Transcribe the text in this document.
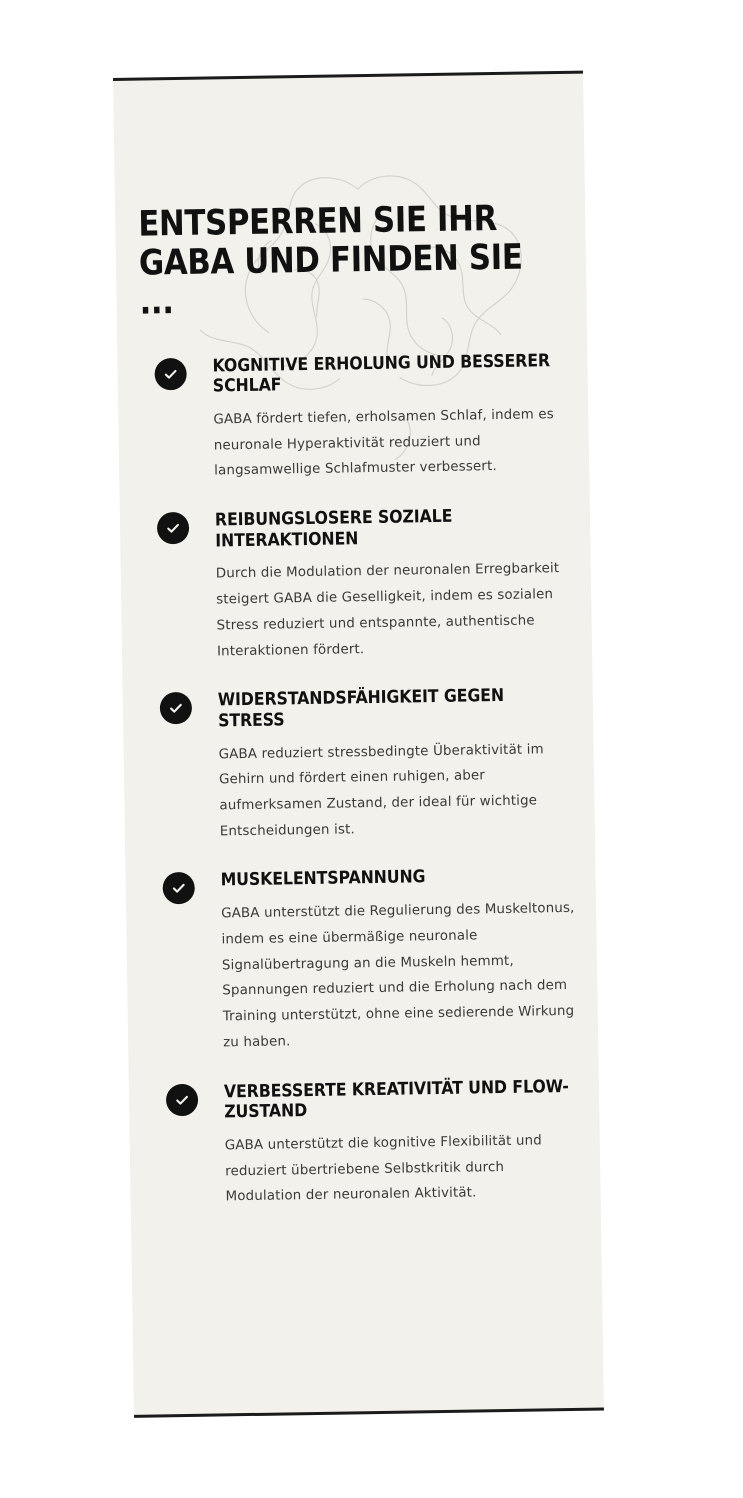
ENTSPERREN SIE IHR GABA UND FINDEN SIE ...
KOGNITIVE ERHOLUNG UND BESSERER SCHLAF

GABA fördert tiefen, erholsamen Schlaf, indem es neuronale Hyperaktivität reduziert und langsamwellige Schlafmuster verbessert.

REIBUNGSLOSERE SOZIALE INTERAKTIONEN

Durch die Modulation der neuronalen Erregbarkeit steigert GABA die Geselligkeit, indem es sozialen Stress reduziert und entspannte, authentische Interaktionen fördert.

WIDERSTANDSFÄHIGKEIT GEGEN STRESS

GABA reduziert stressbedingte Überaktivität im Gehirn und fördert einen ruhigen, aber aufmerksamen Zustand, der ideal für wichtige Entscheidungen ist.

MUSKELENTSPANNUNG

GABA unterstützt die Regulierung des Muskeltonus, indem es eine übermäßige neuronale Signalübertragung an die Muskeln hemmt, Spannungen reduziert und die Erholung nach dem Training unterstützt, ohne eine sedierende Wirkung zu haben.

VERBESSERTE KREATIVITÄT UND FLOW-ZUSTAND

GABA unterstützt die kognitive Flexibilität und reduziert übertriebene Selbstkritik durch Modulation der neuronalen Aktivität.
